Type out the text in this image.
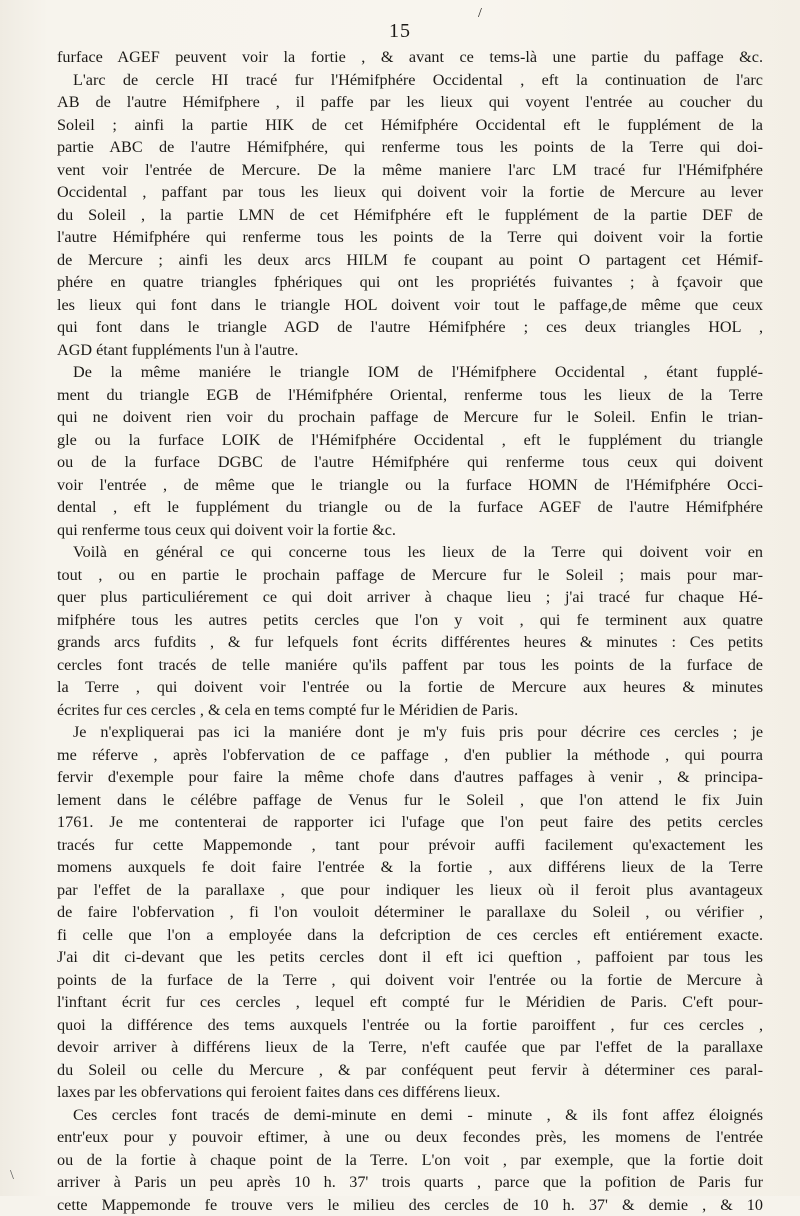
/
15
furface AGEF peuvent voir la fortie , & avant ce tems-là une partie du paffage &c.
L'arc de cercle HI tracé fur l'Hémifphére Occidental , eft la continuation de l'arc
AB de l'autre Hémifphere , il paffe par les lieux qui voyent l'entrée au coucher du
Soleil ; ainfi la partie HIK de cet Hémifphére Occidental eft le fupplément de la
partie ABC de l'autre Hémifphére, qui renferme tous les points de la Terre qui doi-
vent voir l'entrée de Mercure. De la même maniere l'arc LM tracé fur l'Hémifphére
Occidental , paffant par tous les lieux qui doivent voir la fortie de Mercure au lever
du Soleil , la partie LMN de cet Hémifphére eft le fupplément de la partie DEF de
l'autre Hémifphére qui renferme tous les points de la Terre qui doivent voir la fortie
de Mercure ; ainfi les deux arcs HILM fe coupant au point O partagent cet Hémif-
phére en quatre triangles fphériques qui ont les propriétés fuivantes ; à fçavoir que
les lieux qui font dans le triangle HOL doivent voir tout le paffage,de même que ceux
qui font dans le triangle AGD de l'autre Hémifphére ; ces deux triangles HOL ,
AGD étant fuppléments l'un à l'autre.
De la même maniére le triangle IOM de l'Hémifphere Occidental , étant fupplé-
ment du triangle EGB de l'Hémifphére Oriental, renferme tous les lieux de la Terre
qui ne doivent rien voir du prochain paffage de Mercure fur le Soleil. Enfin le trian-
gle ou la furface LOIK de l'Hémifphére Occidental , eft le fupplément du triangle
ou de la furface DGBC de l'autre Hémifphére qui renferme tous ceux qui doivent
voir l'entrée , de même que le triangle ou la furface HOMN de l'Hémifphére Occi-
dental , eft le fupplément du triangle ou de la furface AGEF de l'autre Hémifphére
qui renferme tous ceux qui doivent voir la fortie &c.
Voilà en général ce qui concerne tous les lieux de la Terre qui doivent voir en
tout , ou en partie le prochain paffage de Mercure fur le Soleil ; mais pour mar-
quer plus particuliérement ce qui doit arriver à chaque lieu ; j'ai tracé fur chaque Hé-
mifphére tous les autres petits cercles que l'on y voit , qui fe terminent aux quatre
grands arcs fufdits , & fur lefquels font écrits différentes heures & minutes : Ces petits
cercles font tracés de telle maniére qu'ils paffent par tous les points de la furface de
la Terre , qui doivent voir l'entrée ou la fortie de Mercure aux heures & minutes
écrites fur ces cercles , & cela en tems compté fur le Méridien de Paris.
Je n'expliquerai pas ici la maniére dont je m'y fuis pris pour décrire ces cercles ; je
me réferve , après l'obfervation de ce paffage , d'en publier la méthode , qui pourra
fervir d'exemple pour faire la même chofe dans d'autres paffages à venir , & principa-
lement dans le célébre paffage de Venus fur le Soleil , que l'on attend le fix Juin
1761. Je me contenterai de rapporter ici l'ufage que l'on peut faire des petits cercles
tracés fur cette Mappemonde , tant pour prévoir auffi facilement qu'exactement les
momens auxquels fe doit faire l'entrée & la fortie , aux différens lieux de la Terre
par l'effet de la parallaxe , que pour indiquer les lieux où il feroit plus avantageux
de faire l'obfervation , fi l'on vouloit déterminer le parallaxe du Soleil , ou vérifier ,
fi celle que l'on a employée dans la defcription de ces cercles eft entiérement exacte.
J'ai dit ci-devant que les petits cercles dont il eft ici queftion , paffoient par tous les
points de la furface de la Terre , qui doivent voir l'entrée ou la fortie de Mercure à
l'inftant écrit fur ces cercles , lequel eft compté fur le Méridien de Paris. C'eft pour-
quoi la différence des tems auxquels l'entrée ou la fortie paroiffent , fur ces cercles ,
devoir arriver à différens lieux de la Terre, n'eft caufée que par l'effet de la parallaxe
du Soleil ou celle du Mercure , & par conféquent peut fervir à déterminer ces paral-
laxes par les obfervations qui feroient faites dans ces différens lieux.
Ces cercles font tracés de demi-minute en demi - minute , & ils font affez éloignés
entr'eux pour y pouvoir eftimer, à une ou deux fecondes près, les momens de l'entrée
ou de la fortie à chaque point de la Terre. L'on voit , par exemple, que la fortie doit
arriver à Paris un peu après 10 h. 37' trois quarts , parce que la pofition de Paris fur
cette Mappemonde fe trouve vers le milieu des cercles de 10 h. 37' & demie , & 10
\
